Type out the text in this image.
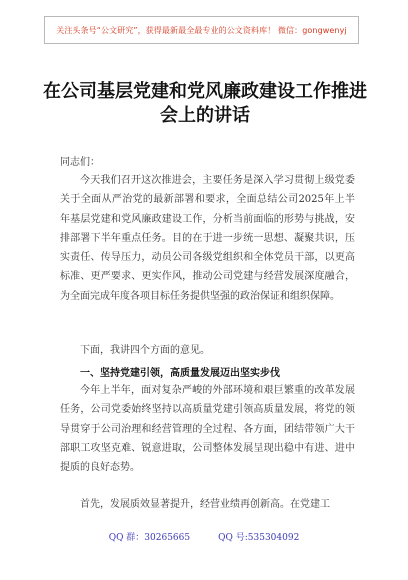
关注头条号“公文研究”，获得最新最全最专业的公文资料库！ 微信：gongwenyj
在公司基层党建和党风廉政建设工作推进会上的讲话
同志们：

今天我们召开这次推进会，主要任务是深入学习贯彻上级党委关于全面从严治党的最新部署和要求，全面总结公司2025年上半年基层党建和党风廉政建设工作，分析当前面临的形势与挑战，安排部署下半年重点任务。目的在于进一步统一思想、凝聚共识，压实责任、传导压力，动员公司各级党组织和全体党员干部，以更高标准、更严要求、更实作风，推动公司党建与经营发展深度融合，为全面完成年度各项目标任务提供坚强的政治保证和组织保障。

下面，我讲四个方面的意见。

一、坚持党建引领，高质量发展迈出坚实步伐

今年上半年，面对复杂严峻的外部环境和艰巨繁重的改革发展任务，公司党委始终坚持以高质量党建引领高质量发展，将党的领导贯穿于公司治理和经营管理的全过程、各方面，团结带领广大干部职工攻坚克难、锐意进取，公司整体发展呈现出稳中有进、进中提质的良好态势。

首先，发展质效显著提升，经营业绩再创新高。在党建工

QQ 群：30265665	QQ 号:535304092
